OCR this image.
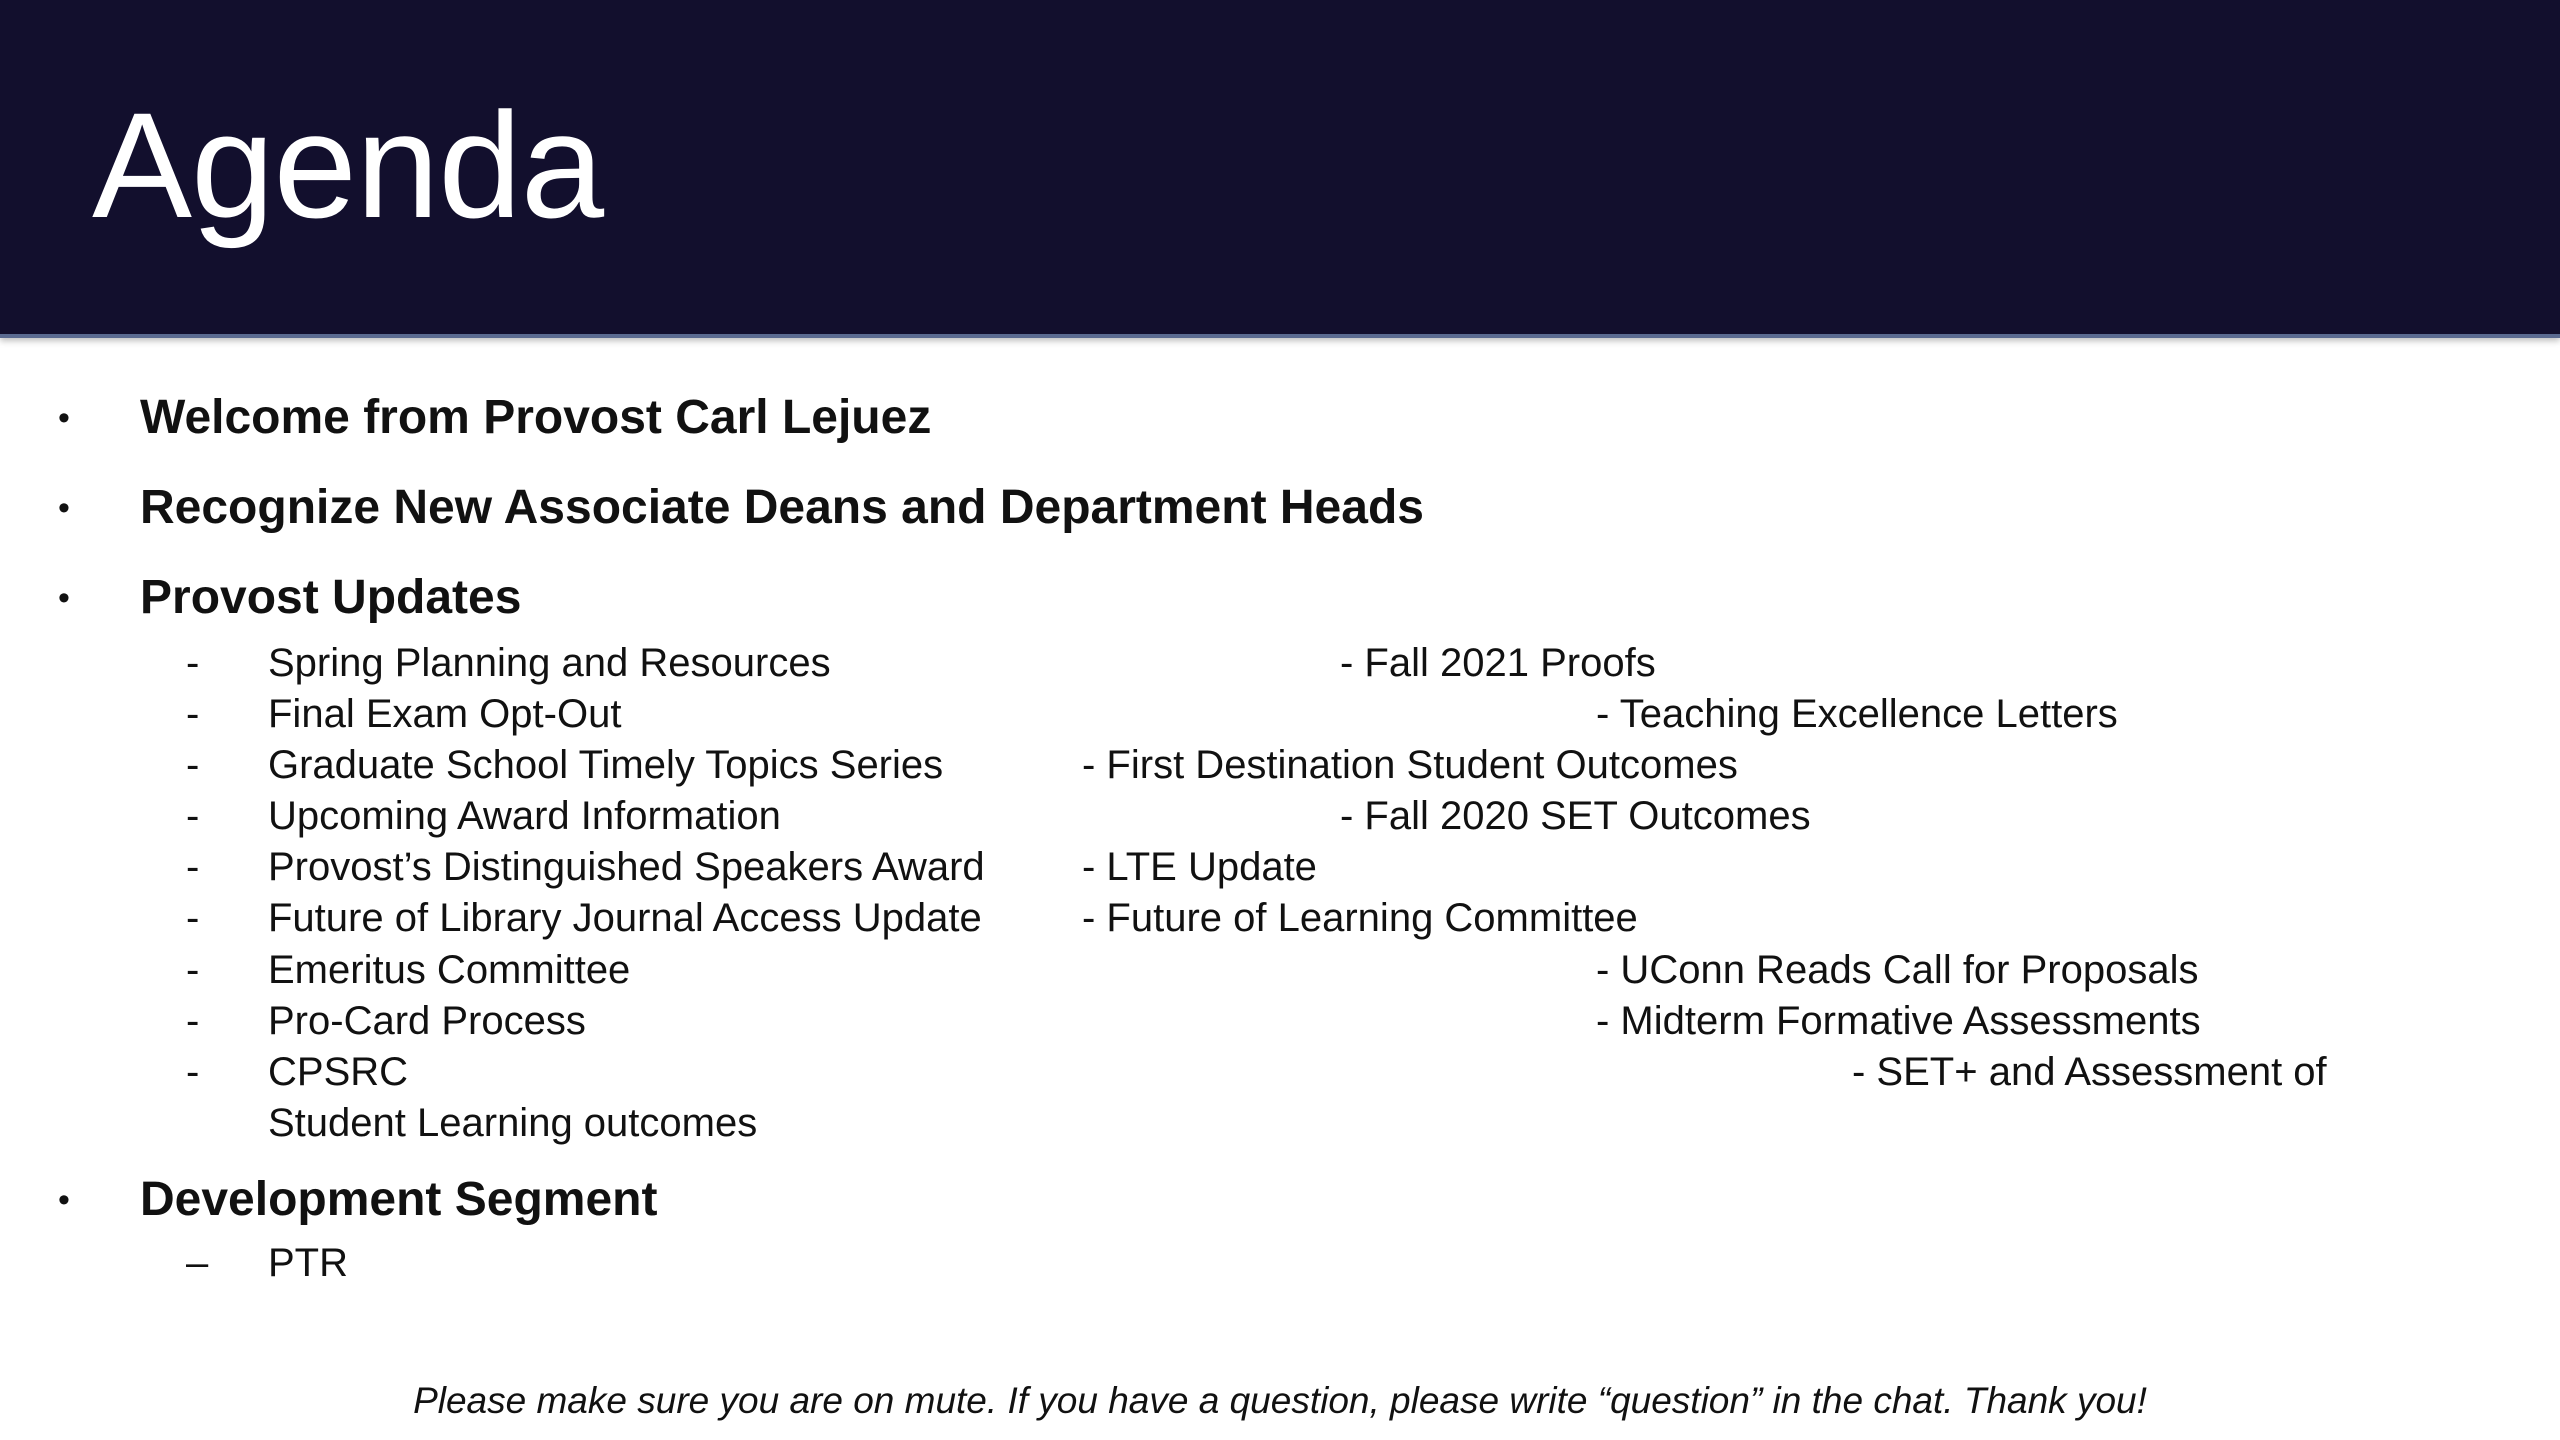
Agenda
• Welcome from Provost Carl Lejuez
• Recognize New Associate Deans and Department Heads
• Provost Updates
- Spring Planning and Resources	- Fall 2021 Proofs
- Final Exam Opt-Out	- Teaching Excellence Letters
- Graduate School Timely Topics Series	- First Destination Student Outcomes
- Upcoming Award Information	- Fall 2020 SET Outcomes
- Provost’s Distinguished Speakers Award - LTE Update
- Future of Library Journal Access Update	- Future of Learning Committee
- Emeritus Committee	- UConn Reads Call for Proposals
- Pro-Card Process	- Midterm Formative Assessments
- CPSRC	- SET+ and Assessment of
Student Learning outcomes
• Development Segment
– PTR
Please make sure you are on mute. If you have a question, please write “question” in the chat. Thank you!
